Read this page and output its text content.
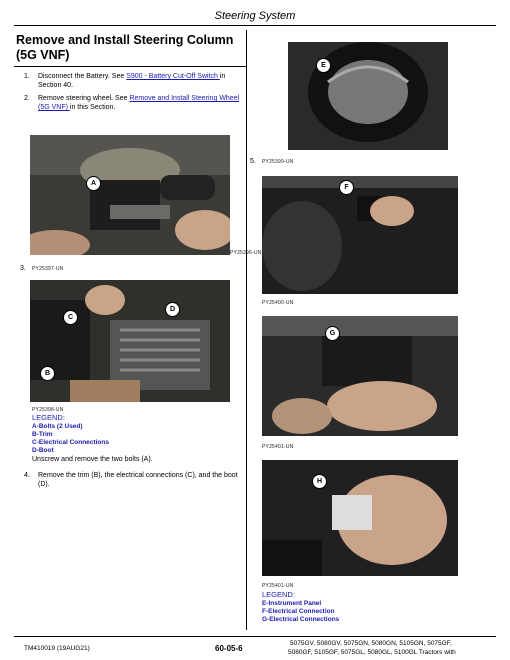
Steering System
Remove and Install Steering Column (5G VNF)
1. Disconnect the Battery. See S900 - Battery Cut-Off Switch in Section 40.
2. Remove steering wheel. See Remove and Install Steering Wheel (5G VNF) in this Section.
A
PY25396-UN
3. PY25397-UN
C
D
B
PY25398-UN
LEGEND:
A-Bolts (2 Used)
B-Trim
C-Electrical Connections
D-Boot
Unscrew and remove the two bolts (A).
4. Remove the trim (B), the electrical connections (C), and the boot (D).
E
5. PY25399-UN
F
PY25400-UN
G
PY25401-UN
H
PY25401-UN
LEGEND:
E-Instrument Panel
F-Electrical Connection
G-Electrical Connections
TM410019 (19AUG21)	60-05-6
5075GV, 5080GV, 5075GN, 5080GN, 5105GN, 5075GF,
5080GF, 5105GF, 5075GL, 5080GL, 5100GL Tractors with
